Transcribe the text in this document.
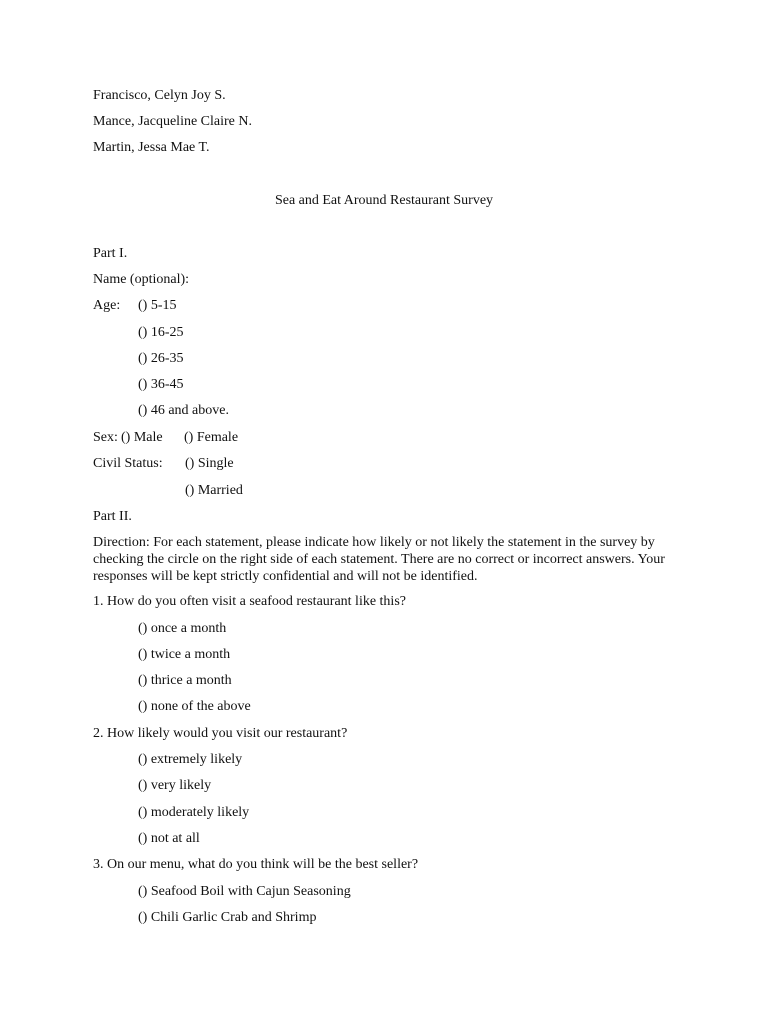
Francisco, Celyn Joy S.
Mance, Jacqueline Claire N.
Martin, Jessa Mae T.
Sea and Eat Around Restaurant Survey
Part I.
Name (optional):
Age: () 5-15
() 16-25
() 26-35
() 36-45
() 46 and above.
Sex: () Male () Female
Civil Status: () Single
() Married
Part II.
Direction: For each statement, please indicate how likely or not likely the statement in the survey by checking the circle on the right side of each statement. There are no correct or incorrect answers. Your responses will be kept strictly confidential and will not be identified.
1. How do you often visit a seafood restaurant like this?
() once a month
() twice a month
() thrice a month
() none of the above
2. How likely would you visit our restaurant?
() extremely likely
() very likely
() moderately likely
() not at all
3. On our menu, what do you think will be the best seller?
() Seafood Boil with Cajun Seasoning
() Chili Garlic Crab and Shrimp
